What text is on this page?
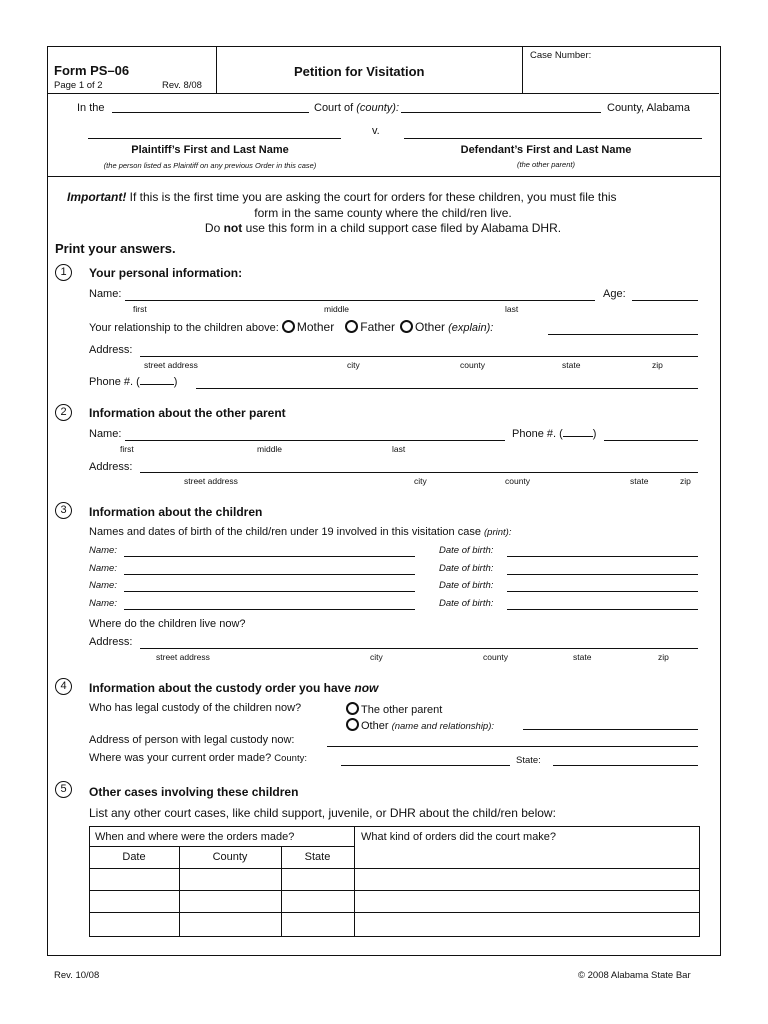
Form PS–06
Page 1 of 2	Rev. 8/08
Petition for Visitation
Case Number:
In the	Court of (county):	County, Alabama
v.
Plaintiff’s First and Last Name
(the person listed as Plaintiff on any previous Order in this case)
Defendant’s First and Last Name
(the other parent)
Important! If this is the first time you are asking the court for orders for these children, you must file this
form in the same county where the child/ren live.
Do not use this form in a child support case filed by Alabama DHR.
Print your answers.
1	Your personal information:
Name:	Age:
first	middle	last
Your relationship to the children above: Mother Father Other (explain):
Address:
street address	city	county	state	zip
Phone #. (	)
2	Information about the other parent
Name:	Phone #. (	)
first	middle	last
Address:
street address	city	county	state	zip
3	Information about the children
Names and dates of birth of the child/ren under 19 involved in this visitation case (print):
Name:	Date of birth:
Name:	Date of birth:
Name:	Date of birth:
Name:	Date of birth:
Where do the children live now?
Address:
street address	city	county	state	zip
4	Information about the custody order you have now
Who has legal custody of the children now?	The other parent
Other (name and relationship):
Address of person with legal custody now:
Where was your current order made? County:	State:
5	Other cases involving these children
List any other court cases, like child support, juvenile, or DHR about the child/ren below:
When and where were the orders made?	What kind of orders did the court make?
Date	County	State
Rev. 10/08	© 2008 Alabama State Bar
